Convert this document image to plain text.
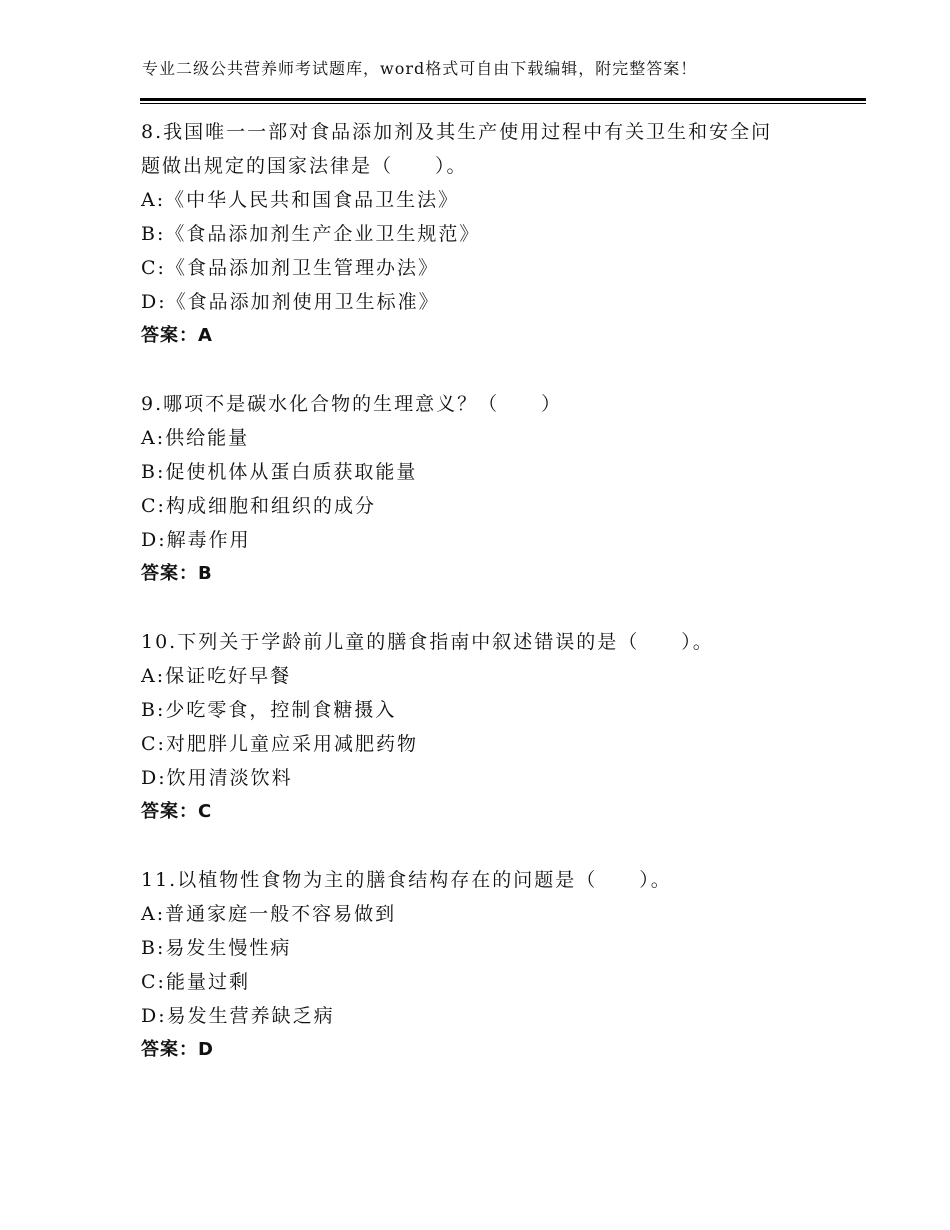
专业二级公共营养师考试题库，word格式可自由下载编辑，附完整答案！
8.我国唯一一部对食品添加剂及其生产使用过程中有关卫生和安全问
题做出规定的国家法律是（　　）。
A:《中华人民共和国食品卫生法》
B:《食品添加剂生产企业卫生规范》
C:《食品添加剂卫生管理办法》
D:《食品添加剂使用卫生标准》
答案：A
9.哪项不是碳水化合物的生理意义？（　　）
A:供给能量
B:促使机体从蛋白质获取能量
C:构成细胞和组织的成分
D:解毒作用
答案：B
10.下列关于学龄前儿童的膳食指南中叙述错误的是（　　）。
A:保证吃好早餐
B:少吃零食，控制食糖摄入
C:对肥胖儿童应采用减肥药物
D:饮用清淡饮料
答案：C
11.以植物性食物为主的膳食结构存在的问题是（　　）。
A:普通家庭一般不容易做到
B:易发生慢性病
C:能量过剩
D:易发生营养缺乏病
答案：D
